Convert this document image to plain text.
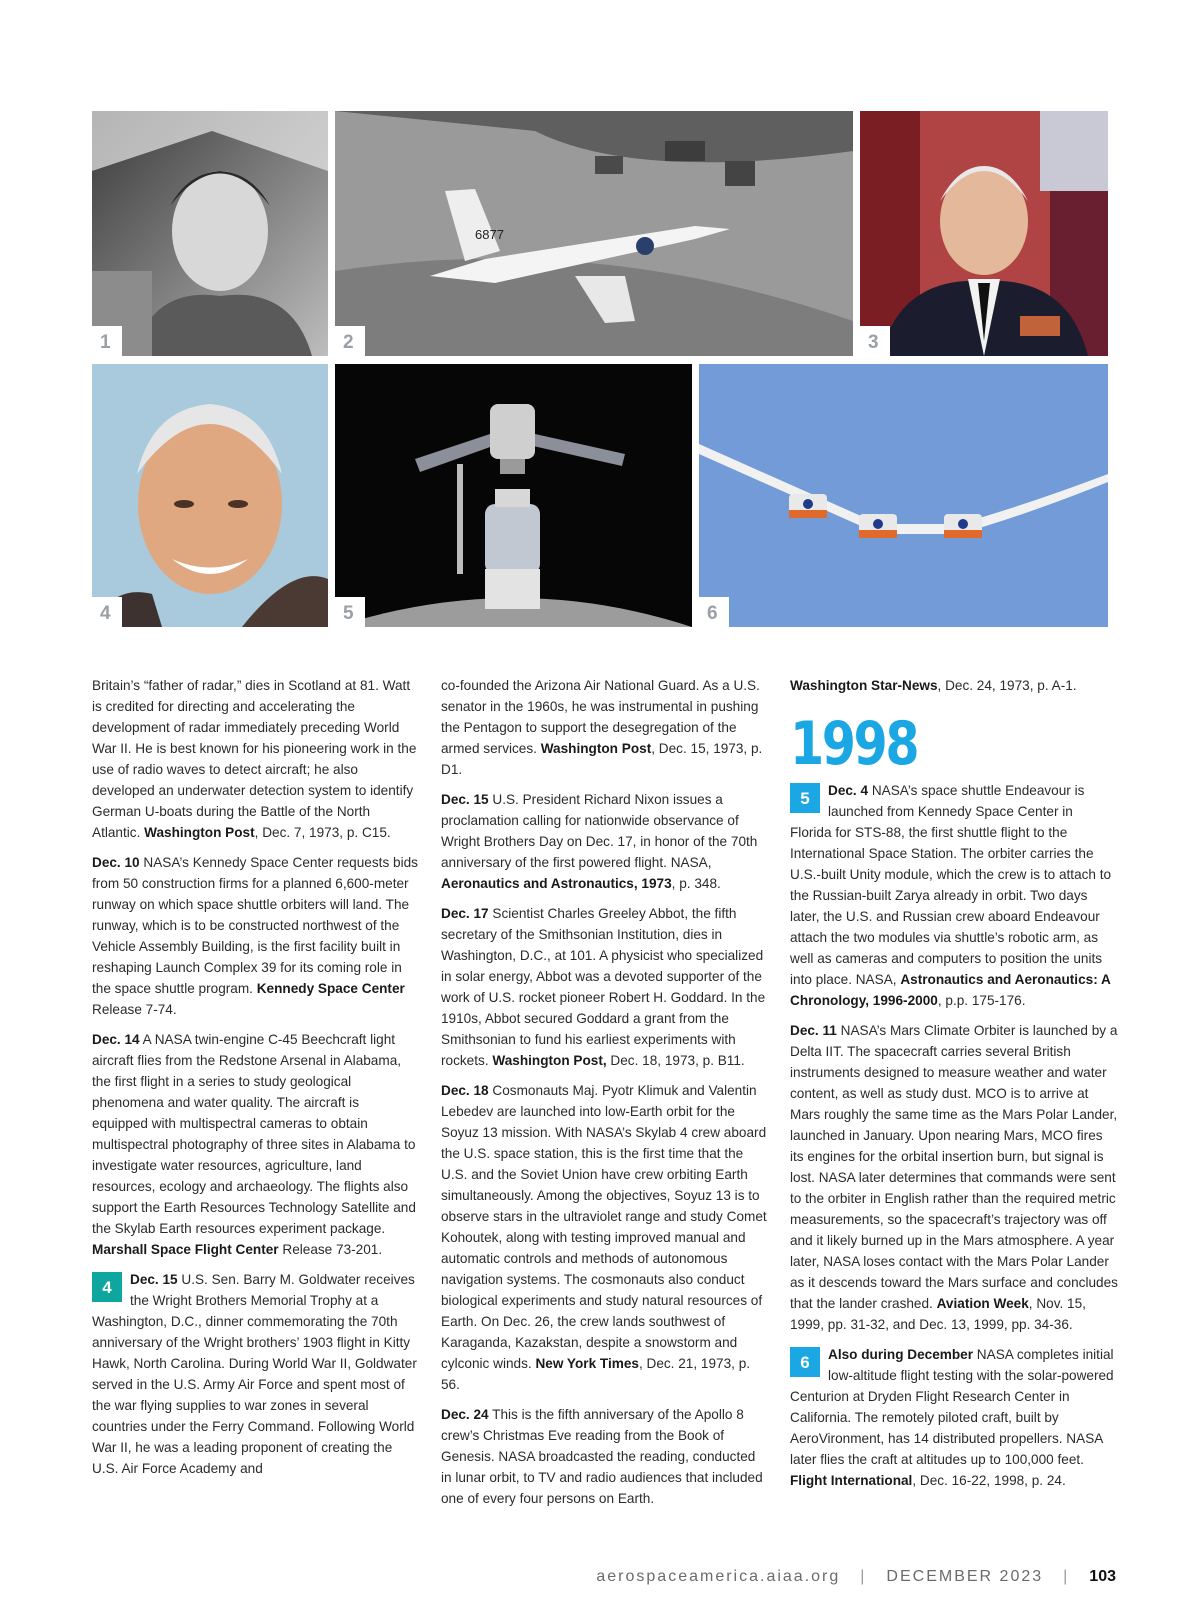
1
6877
2	3
4	5	6

Britain’s “father of radar,” dies in Scotland at 81. Watt is credited for directing and accelerating the development of radar immediately preceding World War II. He is best known for his pioneering work in the use of radio waves to detect aircraft; he also developed an underwater detection system to identify German U-boats during the Battle of the North Atlantic. Washington Post, Dec. 7, 1973, p. C15.

Dec. 10 NASA’s Kennedy Space Center requests bids from 50 construction firms for a planned 6,600-meter runway on which space shuttle orbiters will land. The runway, which is to be constructed northwest of the Vehicle Assembly Building, is the first facility built in reshaping Launch Complex 39 for its coming role in the space shuttle program. Kennedy Space Center Release 7-74.

Dec. 14 A NASA twin-engine C-45 Beechcraft light aircraft flies from the Redstone Arsenal in Alabama, the first flight in a series to study geological phenomena and water quality. The aircraft is equipped with multispectral cameras to obtain multispectral photography of three sites in Alabama to investigate water resources, agriculture, land resources, ecology and archaeology. The flights also support the Earth Resources Technology Satellite and the Skylab Earth resources experiment package. Marshall Space Flight Center Release 73-201.

4	Dec. 15 U.S. Sen. Barry M. Goldwater receives the Wright Brothers Memorial Trophy at a Washington, D.C., dinner commemorating the 70th anniversary of the Wright brothers’ 1903 flight in Kitty Hawk, North Carolina. During World War II, Goldwater served in the U.S. Army Air Force and spent most of the war flying supplies to war zones in several countries under the Ferry Command. Following World War II, he was a leading proponent of creating the U.S. Air Force Academy and

co-founded the Arizona Air National Guard. As a U.S. senator in the 1960s, he was instrumental in pushing the Pentagon to support the desegregation of the armed services. Washington Post, Dec. 15, 1973, p. D1.

Dec. 15 U.S. President Richard Nixon issues a proclamation calling for nationwide observance of Wright Brothers Day on Dec. 17, in honor of the 70th anniversary of the first powered flight. NASA, Aeronautics and Astronautics, 1973, p. 348.

Dec. 17 Scientist Charles Greeley Abbot, the fifth secretary of the Smithsonian Institution, dies in Washington, D.C., at 101. A physicist who specialized in solar energy, Abbot was a devoted supporter of the work of U.S. rocket pioneer Robert H. Goddard. In the 1910s, Abbot secured Goddard a grant from the Smithsonian to fund his earliest experiments with rockets. Washington Post, Dec. 18, 1973, p. B11.

Dec. 18 Cosmonauts Maj. Pyotr Klimuk and Valentin Lebedev are launched into low-Earth orbit for the Soyuz 13 mission. With NASA’s Skylab 4 crew aboard the U.S. space station, this is the first time that the U.S. and the Soviet Union have crew orbiting Earth simultaneously. Among the objectives, Soyuz 13 is to observe stars in the ultraviolet range and study Comet Kohoutek, along with testing improved manual and automatic controls and methods of autonomous navigation systems. The cosmonauts also conduct biological experiments and study natural resources of Earth. On Dec. 26, the crew lands southwest of Karaganda, Kazakstan, despite a snowstorm and cylconic winds. New York Times, Dec. 21, 1973, p. 56.

Dec. 24 This is the fifth anniversary of the Apollo 8 crew’s Christmas Eve reading from the Book of Genesis. NASA broadcasted the reading, conducted in lunar orbit, to TV and radio audiences that included one of every four persons on Earth.

Washington Star-News, Dec. 24, 1973, p. A-1.

1998

5	Dec. 4 NASA’s space shuttle Endeavour is launched from Kennedy Space Center in Florida for STS-88, the first shuttle flight to the International Space Station. The orbiter carries the U.S.-built Unity module, which the crew is to attach to the Russian-built Zarya already in orbit. Two days later, the U.S. and Russian crew aboard Endeavour attach the two modules via shuttle’s robotic arm, as well as cameras and computers to position the units into place. NASA, Astronautics and Aeronautics: A Chronology, 1996-2000, p.p. 175-176.

Dec. 11 NASA’s Mars Climate Orbiter is launched by a Delta IIT. The spacecraft carries several British instruments designed to measure weather and water content, as well as study dust. MCO is to arrive at Mars roughly the same time as the Mars Polar Lander, launched in January. Upon nearing Mars, MCO fires its engines for the orbital insertion burn, but signal is lost. NASA later determines that commands were sent to the orbiter in English rather than the required metric measurements, so the spacecraft’s trajectory was off and it likely burned up in the Mars atmosphere. A year later, NASA loses contact with the Mars Polar Lander as it descends toward the Mars surface and concludes that the lander crashed. Aviation Week, Nov. 15, 1999, pp. 31-32, and Dec. 13, 1999, pp. 34-36.

6	Also during December NASA completes initial low-altitude flight testing with the solar-powered Centurion at Dryden Flight Research Center in California. The remotely piloted craft, built by AeroVironment, has 14 distributed propellers. NASA later flies the craft at altitudes up to 100,000 feet. Flight International, Dec. 16-22, 1998, p. 24.

aerospaceamerica.aiaa.org | DECEMBER 2023 | 103
